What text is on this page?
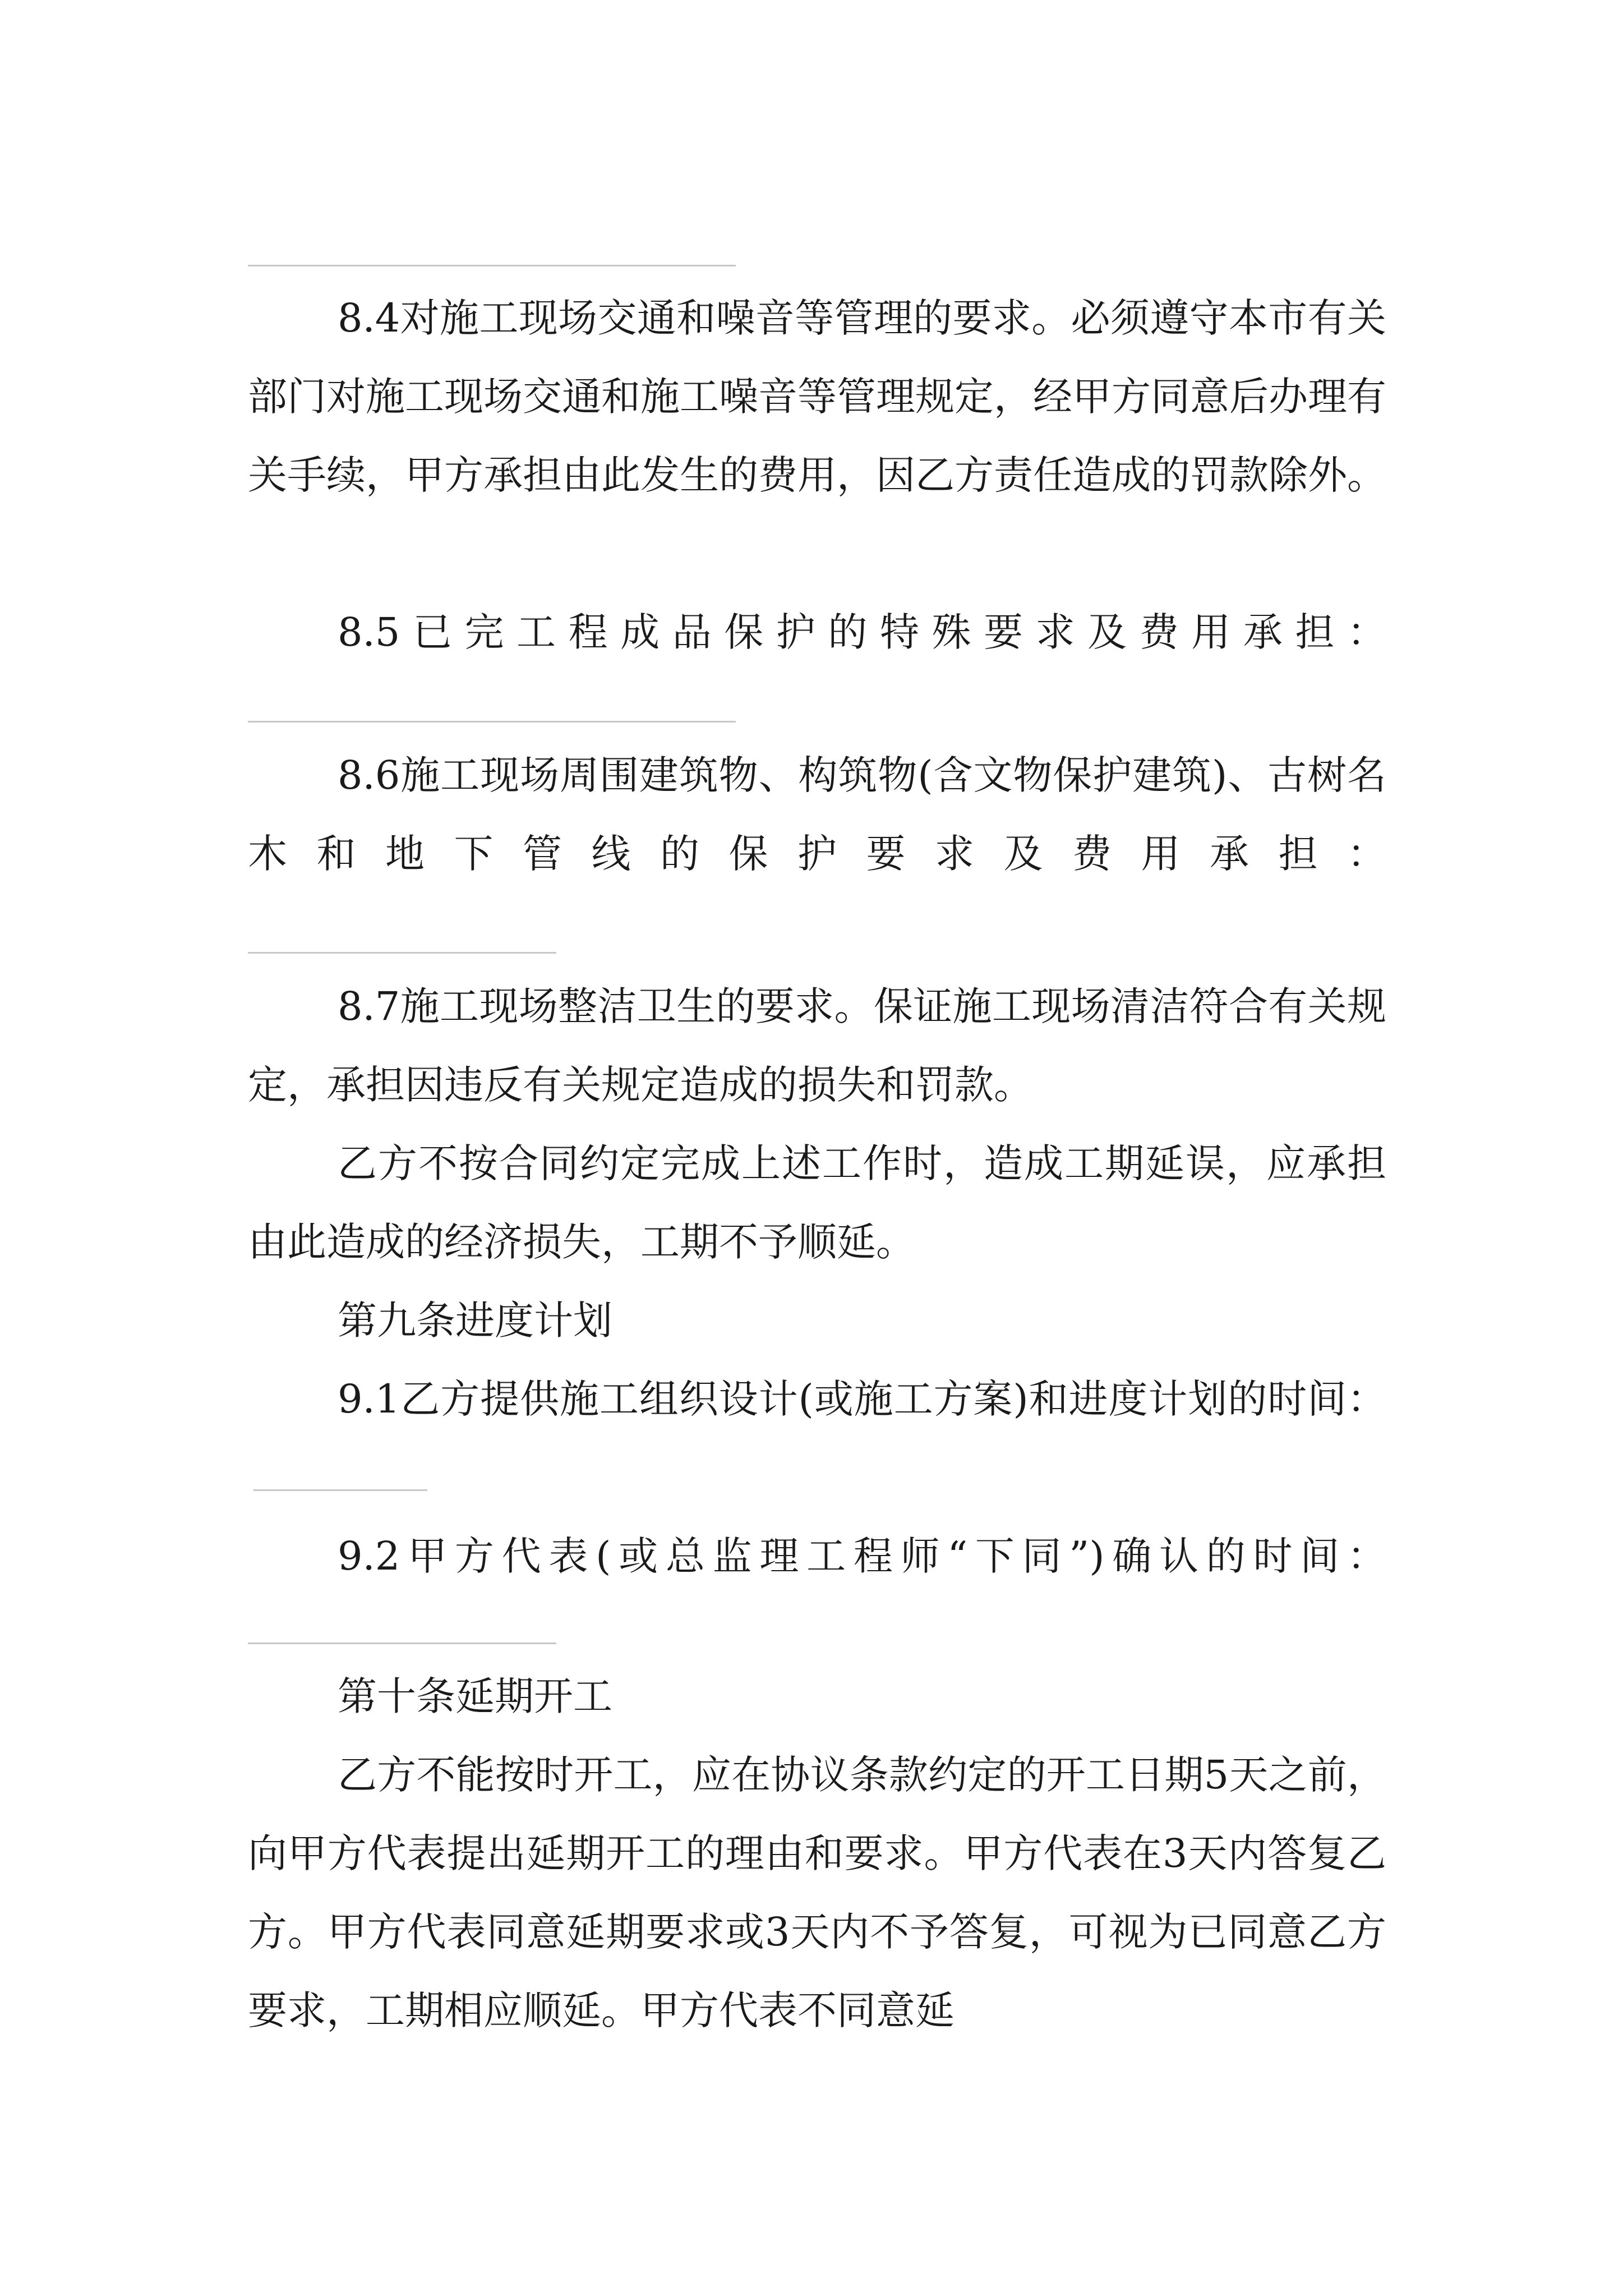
8.4对施工现场交通和噪音等管理的要求。必须遵守本市有关部门对施工现场交通和施工噪音等管理规定，经甲方同意后办理有关手续，甲方承担由此发生的费用，因乙方责任造成的罚款除外。

8.5已完工程成品保护的特殊要求及费用承担：

8.6施工现场周围建筑物、构筑物(含文物保护建筑)、古树名木和地下管线的保护要求及费用承担：

8.7施工现场整洁卫生的要求。保证施工现场清洁符合有关规定，承担因违反有关规定造成的损失和罚款。

乙方不按合同约定完成上述工作时，造成工期延误，应承担由此造成的经济损失，工期不予顺延。

第九条进度计划

9.1乙方提供施工组织设计(或施工方案)和进度计划的时间：

9.2甲方代表(或总监理工程师“下同”)确认的时间：

第十条延期开工

乙方不能按时开工，应在协议条款约定的开工日期5天之前，向甲方代表提出延期开工的理由和要求。甲方代表在3天内答复乙方。甲方代表同意延期要求或3天内不予答复，可视为已同意乙方要求，工期相应顺延。甲方代表不同意延
